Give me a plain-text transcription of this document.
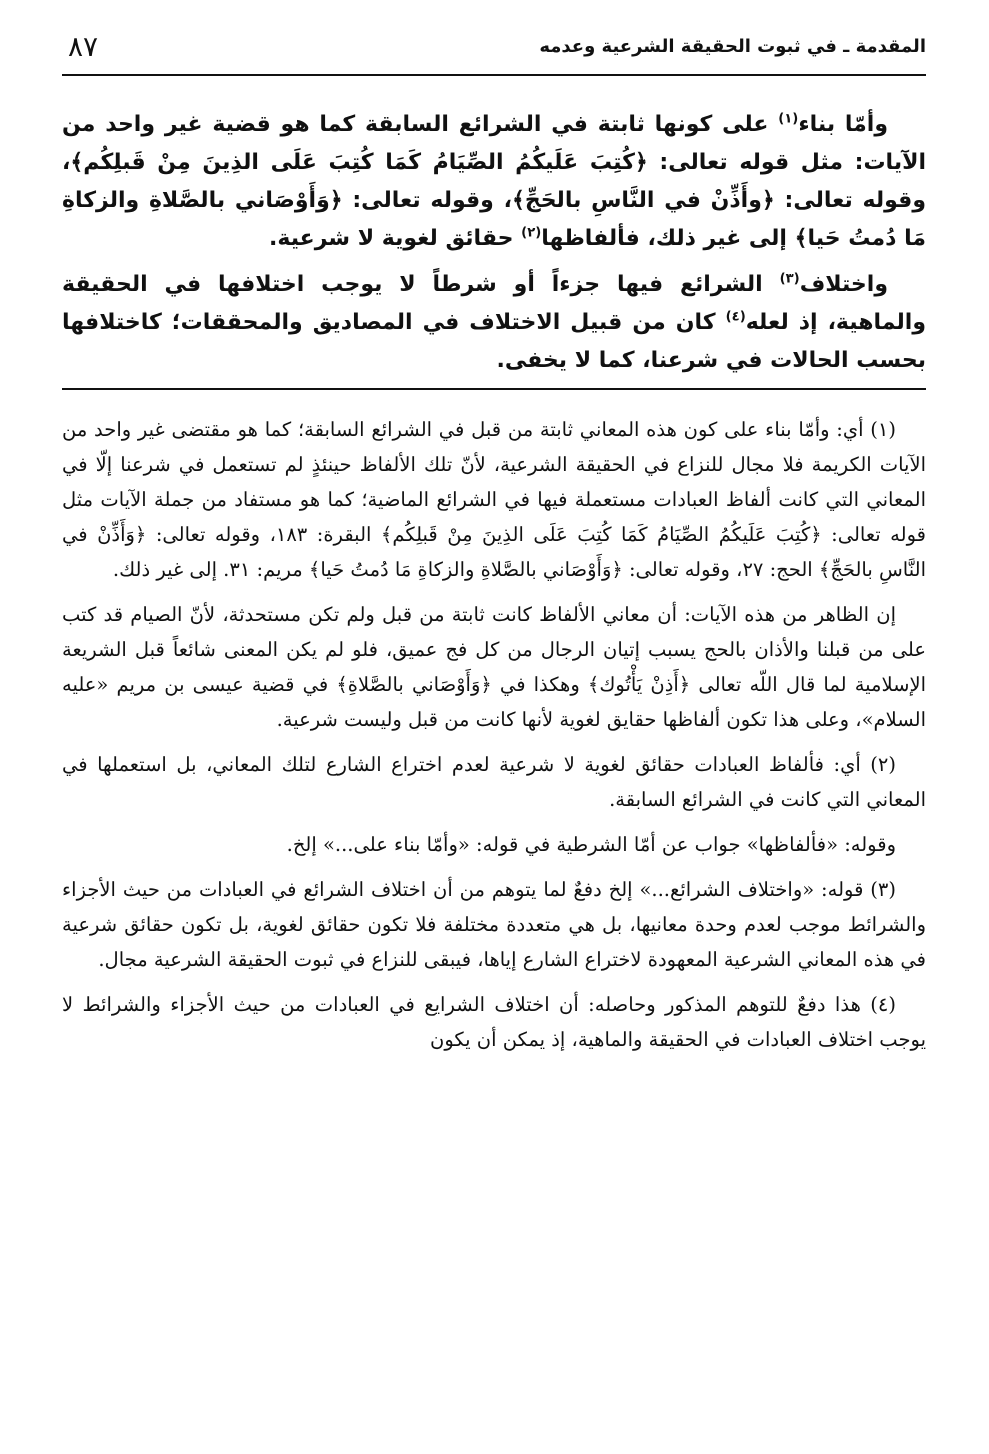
المقدمة ـ في ثبوت الحقيقة الشرعية وعدمه
٨٧

وأمّا بناء$^{(١)}$ على كونها ثابتة في الشرائع السابقة كما هو قضية غير واحد من الآيات: مثل قوله تعالى: ﴿كُتِبَ عَلَيكُمُ الصِّيَامُ كَمَا كُتِبَ عَلَى الذِينَ مِنْ قَبلِكُم﴾، وقوله تعالى: ﴿وأَذِّنْ في النَّاسِ بالحَجِّ﴾، وقوله تعالى: ﴿وَأَوْصَاني بالصَّلاةِ والزكاةِ مَا دُمتُ حَيا﴾ إلى غير ذلك، فألفاظها$^{(٢)}$ حقائق لغوية لا شرعية.

واختلاف$^{(٣)}$ الشرائع فيها جزءاً أو شرطاً لا يوجب اختلافها في الحقيقة والماهية، إذ لعله$^{(٤)}$ كان من قبيل الاختلاف في المصاديق والمحققات؛ كاختلافها بحسب الحالات في شرعنا، كما لا يخفى.

(١) أي: وأمّا بناء على كون هذه المعاني ثابتة من قبل في الشرائع السابقة؛ كما هو مقتضى غير واحد من الآيات الكريمة فلا مجال للنزاع في الحقيقة الشرعية، لأنّ تلك الألفاظ حينئذٍ لم تستعمل في شرعنا إلّا في المعاني التي كانت ألفاظ العبادات مستعملة فيها في الشرائع الماضية؛ كما هو مستفاد من جملة الآيات مثل قوله تعالى: ﴿كُتِبَ عَلَيكُمُ الصِّيَامُ كَمَا كُتِبَ عَلَى الذِينَ مِنْ قَبلِكُم﴾ البقرة: ١٨٣، وقوله تعالى: ﴿وَأَذِّنْ في النَّاسِ بالحَجِّ﴾ الحج: ٢٧، وقوله تعالى: ﴿وَأَوْصَاني بالصَّلاةِ والزكاةِ مَا دُمتُ حَيا﴾ مريم: ٣١. إلى غير ذلك.

إن الظاهر من هذه الآيات: أن معاني الألفاظ كانت ثابتة من قبل ولم تكن مستحدثة، لأنّ الصيام قد كتب على من قبلنا والأذان بالحج يسبب إتيان الرجال من كل فج عميق، فلو لم يكن المعنى شائعاً قبل الشريعة الإسلامية لما قال اللّه تعالى ﴿أَذِنْ يَأْتُوك﴾ وهكذا في ﴿وَأَوْصَاني بالصَّلاةِ﴾ في قضية عيسى بن مريم «عليه السلام»، وعلى هذا تكون ألفاظها حقايق لغوية لأنها كانت من قبل وليست شرعية.

(٢) أي: فألفاظ العبادات حقائق لغوية لا شرعية لعدم اختراع الشارع لتلك المعاني، بل استعملها في المعاني التي كانت في الشرائع السابقة.

وقوله: «فألفاظها» جواب عن أمّا الشرطية في قوله: «وأمّا بناء على...» إلخ.

(٣) قوله: «واختلاف الشرائع...» إلخ دفعٌ لما يتوهم من أن اختلاف الشرائع في العبادات من حيث الأجزاء والشرائط موجب لعدم وحدة معانيها، بل هي متعددة مختلفة فلا تكون حقائق لغوية، بل تكون حقائق شرعية في هذه المعاني الشرعية المعهودة لاختراع الشارع إياها، فيبقى للنزاع في ثبوت الحقيقة الشرعية مجال.

(٤) هذا دفعٌ للتوهم المذكور وحاصله: أن اختلاف الشرايع في العبادات من حيث الأجزاء والشرائط لا يوجب اختلاف العبادات في الحقيقة والماهية، إذ يمكن أن يكون
